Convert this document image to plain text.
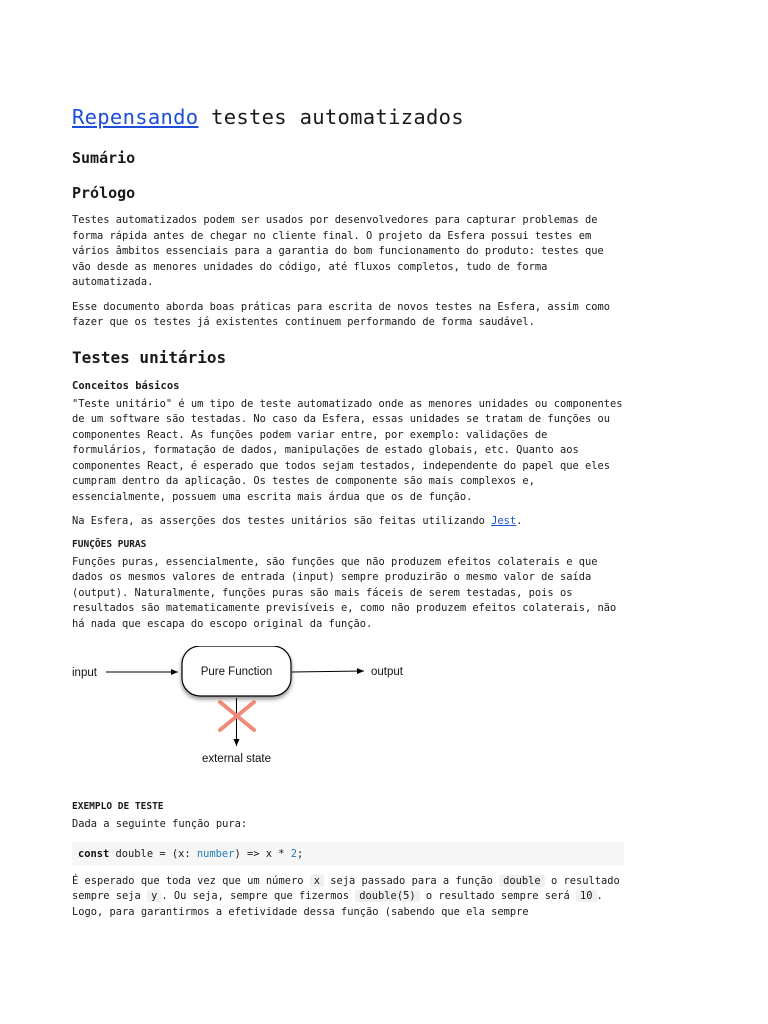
Repensando testes automatizados
Sumário
Prólogo

Testes automatizados podem ser usados por desenvolvedores para capturar problemas de forma rápida antes de chegar no cliente final. O projeto da Esfera possui testes em vários âmbitos essenciais para a garantia do bom funcionamento do produto: testes que vão desde as menores unidades do código, até fluxos completos, tudo de forma automatizada.

Esse documento aborda boas práticas para escrita de novos testes na Esfera, assim como fazer que os testes já existentes continuem performando de forma saudável.

Testes unitários
Conceitos básicos

"Teste unitário" é um tipo de teste automatizado onde as menores unidades ou componentes de um software são testadas. No caso da Esfera, essas unidades se tratam de funções ou componentes React. As funções podem variar entre, por exemplo: validações de formulários, formatação de dados, manipulações de estado globais, etc. Quanto aos componentes React, é esperado que todos sejam testados, independente do papel que eles cumpram dentro da aplicação. Os testes de componente são mais complexos e, essencialmente, possuem uma escrita mais árdua que os de função.

Na Esfera, as asserções dos testes unitários são feitas utilizando Jest.

FUNÇÕES PURAS

Funções puras, essencialmente, são funções que não produzem efeitos colaterais e que dados os mesmos valores de entrada (input) sempre produzirão o mesmo valor de saída (output). Naturalmente, funções puras são mais fáceis de serem testadas, pois os resultados são matematicamente previsíveis e, como não produzem efeitos colaterais, não há nada que escapa do escopo original da função.

input	Pure Function	output
external state
EXEMPLO DE TESTE

Dada a seguinte função pura:

const double = (x: number) => x * 2;

É esperado que toda vez que um número x seja passado para a função double o resultado sempre seja y . Ou seja, sempre que fizermos double(5) o resultado sempre será 10 . Logo, para garantirmos a efetividade dessa função (sabendo que ela sempre
